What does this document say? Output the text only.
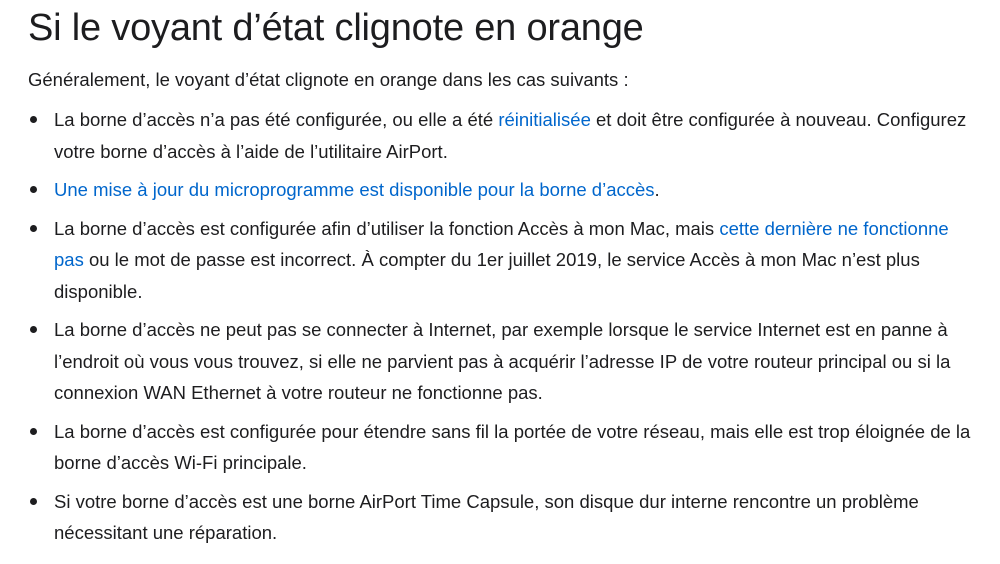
Si le voyant d’état clignote en orange

Généralement, le voyant d’état clignote en orange dans les cas suivants :

La borne d’accès n’a pas été configurée, ou elle a été réinitialisée et doit être configurée à nouveau. Configurez votre borne d’accès à l’aide de l’utilitaire AirPort.
Une mise à jour du microprogramme est disponible pour la borne d’accès.
La borne d’accès est configurée afin d’utiliser la fonction Accès à mon Mac, mais cette dernière ne fonctionne pas ou le mot de passe est incorrect. À compter du 1er juillet 2019, le service Accès à mon Mac n’est plus disponible.
La borne d’accès ne peut pas se connecter à Internet, par exemple lorsque le service Internet est en panne à l’endroit où vous vous trouvez, si elle ne parvient pas à acquérir l’adresse IP de votre routeur principal ou si la connexion WAN Ethernet à votre routeur ne fonctionne pas.
La borne d’accès est configurée pour étendre sans fil la portée de votre réseau, mais elle est trop éloignée de la borne d’accès Wi-Fi principale.
Si votre borne d’accès est une borne AirPort Time Capsule, son disque dur interne rencontre un problème nécessitant une réparation.
